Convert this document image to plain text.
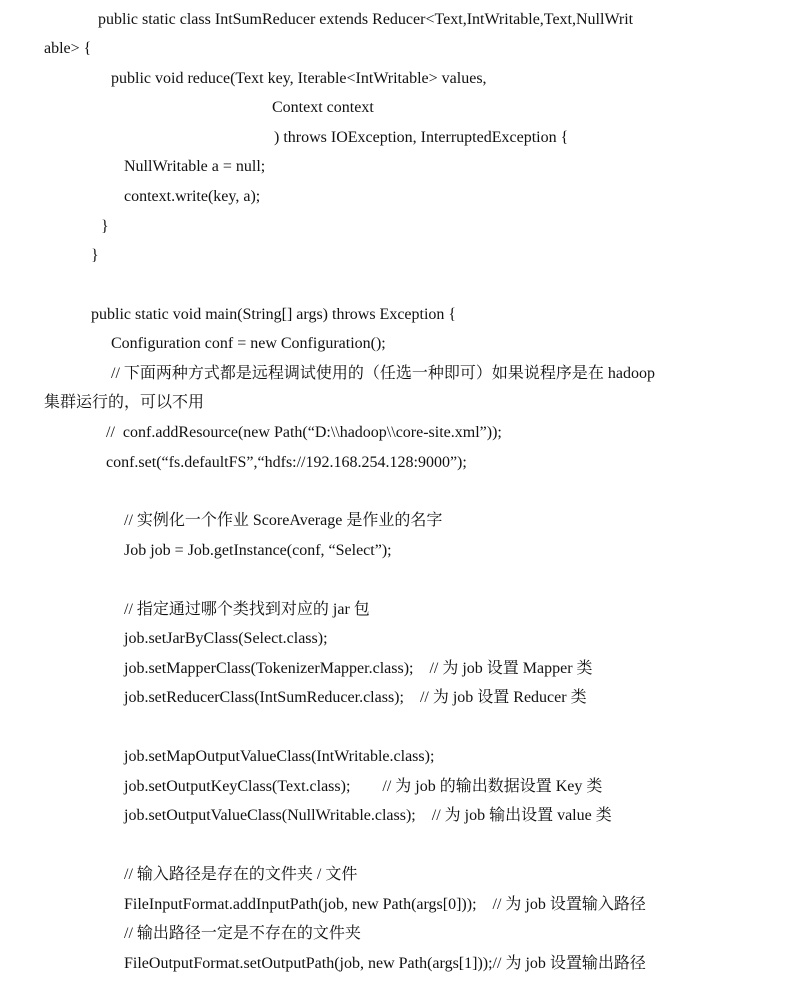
public static class IntSumReducer extends Reducer<Text,IntWritable,Text,NullWrit
able> {
public void reduce(Text key, Iterable<IntWritable> values,
Context context
) throws IOException, InterruptedException {
NullWritable a = null;
context.write(key, a);
}
}
public static void main(String[] args) throws Exception {
Configuration conf = new Configuration();
// 下面两种方式都是远程调试使用的（任选一种即可）如果说程序是在 hadoop
集群运行的，可以不用
//  conf.addResource(new Path(“D:\\hadoop\\core-site.xml”));
conf.set(“fs.defaultFS”,“hdfs://192.168.254.128:9000”);
// 实例化一个作业 ScoreAverage 是作业的名字
Job job = Job.getInstance(conf, “Select”);
// 指定通过哪个类找到对应的 jar 包
job.setJarByClass(Select.class);
job.setMapperClass(TokenizerMapper.class);    // 为 job 设置 Mapper 类
job.setReducerClass(IntSumReducer.class);    // 为 job 设置 Reducer 类
job.setMapOutputValueClass(IntWritable.class);
job.setOutputKeyClass(Text.class);        // 为 job 的输出数据设置 Key 类
job.setOutputValueClass(NullWritable.class);    // 为 job 输出设置 value 类
// 输入路径是存在的文件夹 / 文件
FileInputFormat.addInputPath(job, new Path(args[0]));    // 为 job 设置输入路径
// 输出路径一定是不存在的文件夹
FileOutputFormat.setOutputPath(job, new Path(args[1]));// 为 job 设置输出路径
